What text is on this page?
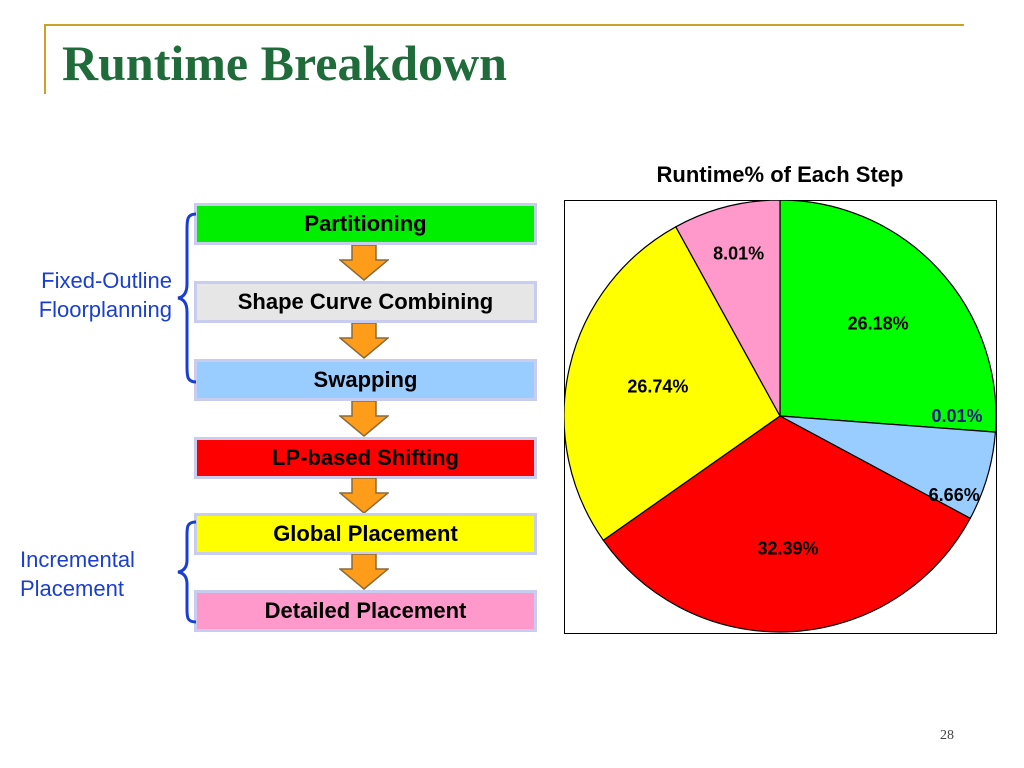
Runtime Breakdown
Partitioning
Shape Curve Combining
Swapping
LP-based Shifting
Global Placement
Detailed Placement
Fixed-Outline
Floorplanning
Incremental
Placement
Runtime% of Each Step
26.18%
0.01%
6.66%
32.39%
26.74%
8.01%
28
